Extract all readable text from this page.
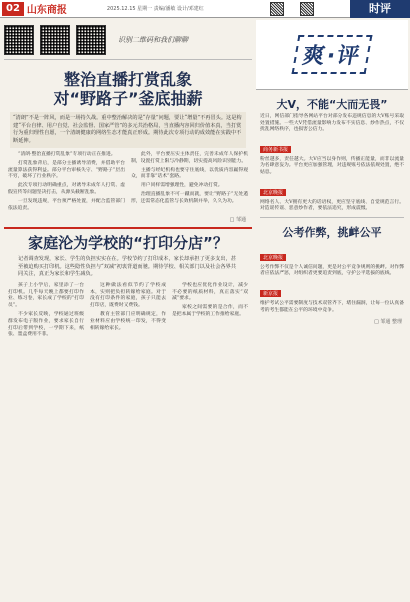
02 山东商报	2025.12.15 星期一 责编/潘敏 设计/邓建红	时评
识别二维码和我们聊聊
整治直播打赏乱象
对“野路子”釜底抽薪
“清朗”不是一阵风，而是一场持久战。重中整治解决的是“存量”问题，要让“增量”不再冒头。这是构建“平台自律、用户自觉、社会监督、国家严管”的多元共治格局，当直播内容回归价值本真，当打赏行为重归理性自愿，一个清朗健康的网络生态才能真正形成。期待此次专项行动的成效能在实践中不断延伸。

“清朗·整治直播打赏乱象”专项行动正在推进。

打赏乱象背后，是部分主播诱导消费，并借助平台流量算法获得利益。部分平台审核失守、“野路子”层出不穷，破坏了行业秩序。

此次专项行动明确重点，对诱导未成年人打赏、虚假宣传等问题坚决打击，从源头截断乱象。

一旦发现违规，平台须严格处置，并配合监管部门依法追责。

此外，平台要压实主体责任，完善未成年人保护机制，设置打赏上限与冷静期，切实提高风险识别能力。

主播与经纪机构也要守住底线，以优质内容赢得观众，而非靠“话术”套路。

用户同样需增强理性，避免冲动打赏。

治理直播乱象不可一蹴而就，要让“野路子”无处遁形，还需常态化监管与长效机制并举，久久为功。

□ 邹通
家庭沦为学校的“打印分店”？
记者调查发现，家长、学生的负担实实在在。学校节约了打印成本，家长却承担了更多支出，甚至被迫购买打印机。这些隐性负担与“双减”初衷背道而驰。期待学校、相关部门以及社会各界共同关注，真正为家长和学生减负。

孩子上小学后，家里添了一台打印机。几乎每天晚上都要打印作业、练习卷，家长成了学校的“打印员”。

不少家长反映，学校通过班级群发布电子版作业，要求家长自行打印后带到学校，一学期下来，纸张、墨盒费用不菲。

这种做法看似节约了学校成本，实则把负担转嫁给家庭。对于没有打印条件的家庭，孩子只能去打印店，既费时又费钱。

教育主管部门应明确规定，作业材料应由学校统一印发，不得变相转嫁给家长。

学校也应优化作业设计，减少不必要的纸质材料，真正落实“双减”要求。

家校之间需要的是合作，而不是把本属于学校的工作推给家庭。

爽·评
大V，不能“大而无畏”
近日，网信部门指导各网站平台对部分发布违规信息的大V账号采取处置措施。一些大V凭借流量影响力发布不实信息、炒作热点，不仅扰乱网络秩序，也损害公信力。
商务新书报
粉丝越多，责任越大。大V应当以身作则，传播正能量，而非以流量为名肆意妄为。平台更应加强管理，对违规账号依法依规处置，绝不姑息。
北京晚报
网络名人、大V拥有更大的话语权，更应坚守底线、自觉规范言行。对造谣传谣、恶意炒作者，要依法追究，形成震慑。
公考作弊，挑衅公平
北京晚报
公考作弊不仅是个人诚信问题，更是对公平竞争规则的挑衅。对作弊者应依法严惩，对组织者更要追责到底，守护公平选拔的底线。
新京报
维护考试公平需要制度与技术双管齐下，堵住漏洞，让每一位认真备考的考生都能在公平的环境中竞争。
□ 邹通 整理
